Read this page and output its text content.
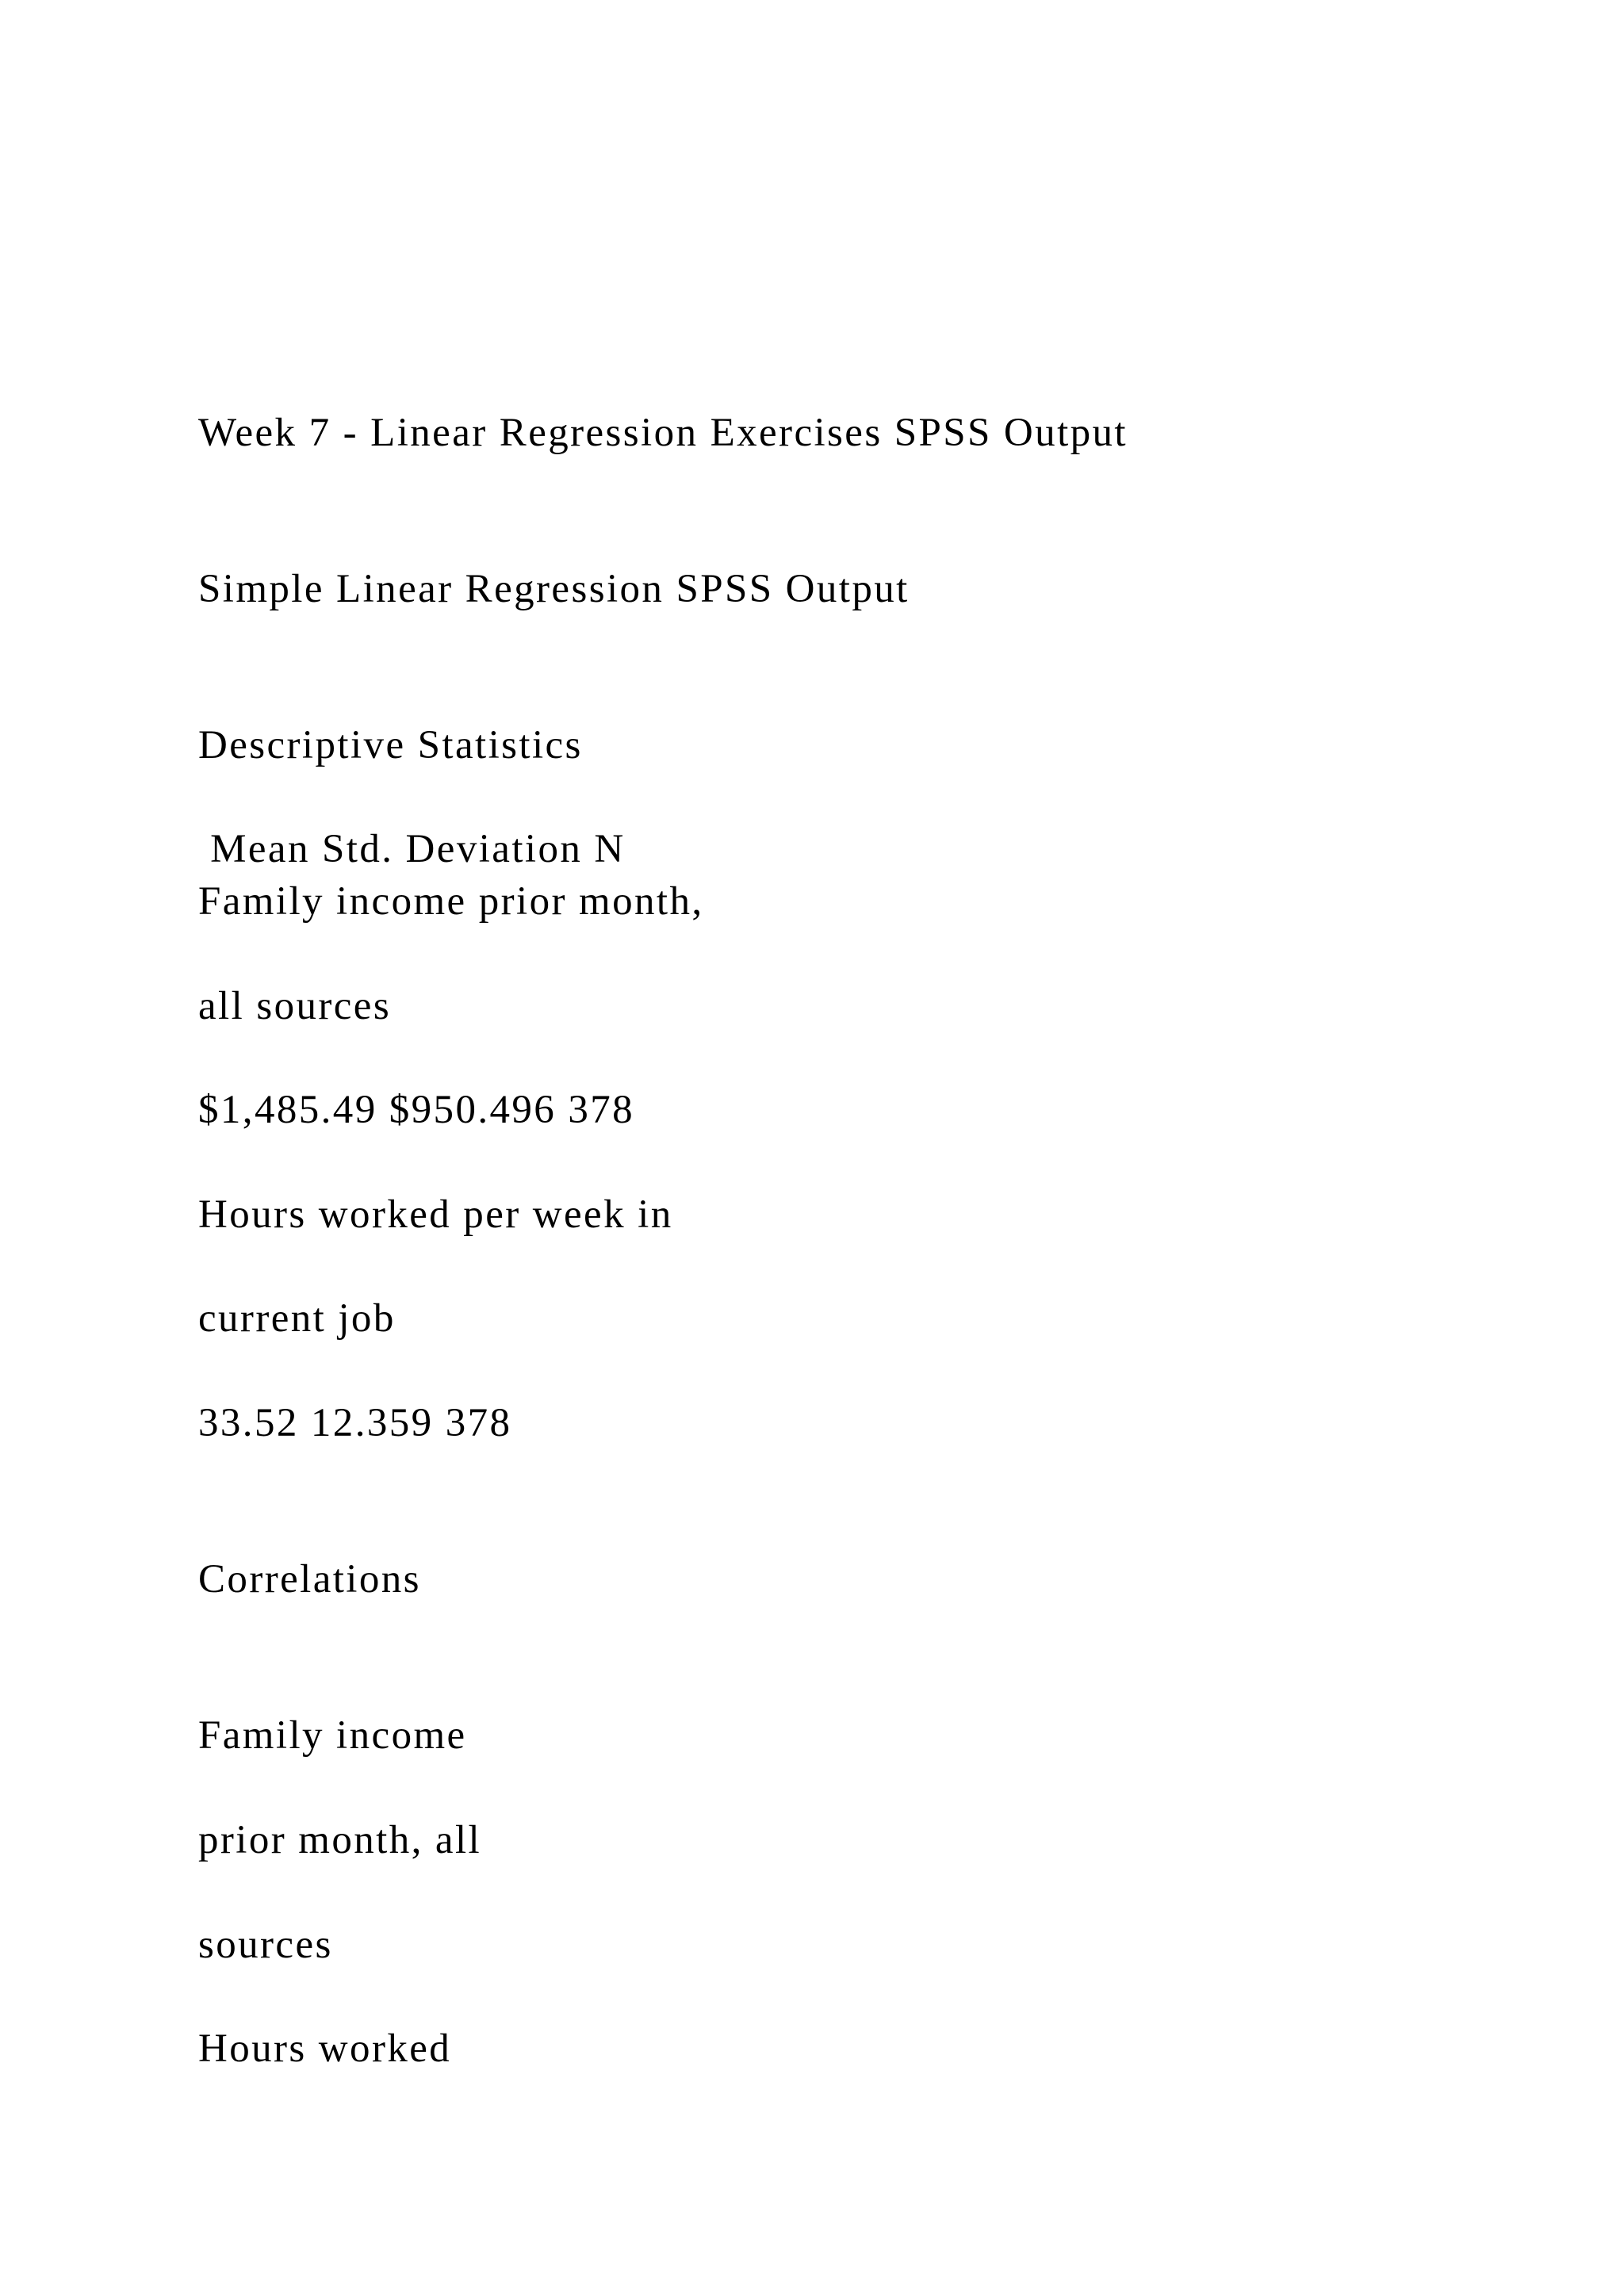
Week 7 - Linear Regression Exercises SPSS Output
Simple Linear Regression SPSS Output
Descriptive Statistics
Mean Std. Deviation N
Family income prior month,
all sources
$1,485.49 $950.496 378
Hours worked per week in
current job
33.52 12.359 378
Correlations
Family income
prior month, all
sources
Hours worked
